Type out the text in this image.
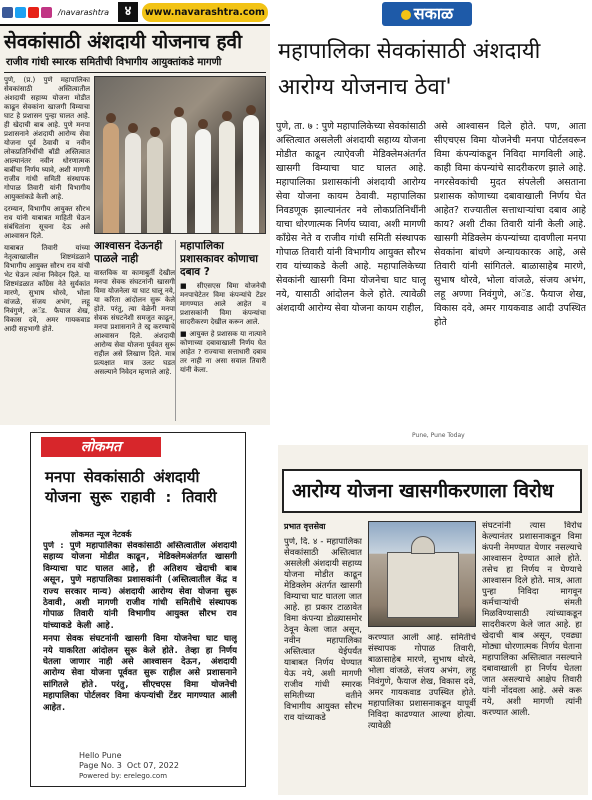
/navarashtra	४	www.navarashtra.com
सेवकांसाठी अंशदायी योजनाच हवी
राजीव गांधी स्मारक समितीची विभागीय आयुक्तांकडे मागणी

पुणे, (प्र.) पुणे महापालिका सेवकांसाठी अस्तित्वातील अंशदायी सहाय्य योजना मोडीत काढून सेवकांना खाजगी विम्याचा घाट हे प्रशासन पुन्हा घालत आहे. ही खेदाची बाब आहे. पुणे मनपा प्रशासनाने अंशदायी आरोग्य सेवा योजना पूर्व ठेवावी व नवीन लोकप्रतिनिधींची बॉडी अस्तित्वात आल्यानंतर नवीन धोरणात्मक बाबींचा निर्णय घ्यावे, अशी मागणी राजीव गांधी समिती संस्थापक गोपाळ तिवारी यांनी विभागीय आयुक्तांकडे केली आहे.

दरम्यान, विभागीय आयुक्त सौरभ राव यांनी याबाबत माहिती घेऊन संबंधितांना सूचना देऊ असे आश्वासन दिले.

याबाबत तिवारी यांच्या नेतृत्वाखालील शिष्टमंडळाने विभागीय आयुक्त सौरभ राव यांची भेट घेऊन त्यांना निवेदन दिले. या शिष्टमंडळात काँग्रेस नेते सुर्यकांत मारणे, सुभाष थोरवे, भोला वांजळे, संजय अभंग, लहू निवंगुणे, अॅड. फैयाज शेख, विकास दवे, अमर गायकवाड आदी सहभागी होते.

आश्वासन देऊनही पाळले नाही
वास्तविक या कामाबुर्ती देखील मनपा सेवक संघटनांनी खासगी विमा योजनेला या घाट घालू नये, या करिता आंदोलन सुरू केले होते. परंतु, त्या वेळेनी मनपा सेवक संघटनेशी समजुत काढून, मनपा प्रशासनाने ते रद्द करण्याचे आश्वासन दिले. अंशदायी आरोग्य सेवा योजना पूर्ववत सुरू राहील असे लिखाण दिले. मात्र प्रत्यक्षात मात्र उलट घडत असल्याने निवेदन म्हणाले आहे.
महापालिका प्रशासकावर कोणाचा दबाव ?
■ सीएसएस विमा योजनेची मनपाचेटेतर विमा कंपन्यांचे टेंडर मागण्यात आले आहेत व प्रशासकांनी विमा कंपन्यांचा सादरीकरण देखील करून आले.
■ आयुक्त हे प्रशासक या नात्याने कोणाच्या दबावाखाली निर्णय घेत आहेत ? राज्याचा सत्ताधारी दबाव तर नाही ना असा सवाल तिवारी यांनी केला.
सकाळ
महापालिका सेवकांसाठी अंशदायी आरोग्य योजनाच ठेवा'
पुणे, ता. ७ : पुणे महापालिकेच्या सेवकांसाठी अस्तित्वात असलेली अंशदायी सहाय्य योजना मोडीत काढून त्याऐवजी मेडिक्लेमअंतर्गत खासगी विम्याचा घाट घालत आहे. महापालिका प्रशासकांनी अंशदायी आरोग्य सेवा योजना कायम ठेवावी. महापालिका निवडणूक झाल्यानंतर नवे लोकप्रतिनिधींनी याचा धोरणात्मक निर्णय घ्यावा, अशी मागणी काँग्रेस नेते व राजीव गांधी समिती संस्थापक गोपाळ तिवारी यांनी विभागीय आयुक्त सौरभ राव यांच्याकडे केली आहे. महापालिकेच्या सेवकांनी खासगी विमा योजनेचा घाट घालू नये, यासाठी आंदोलन केले होते. त्यावेळी अंशदायी आरोग्य सेवा योजना कायम राहील,
असे आश्वासन दिले होते. पण, आता सीएचएस विमा योजनेची मनपा पोर्टलवरून विमा कंपन्यांकडून निविदा मागविली आहे. काही विमा कंपन्यांचे सादरीकरण झाले आहे. नगरसेवकांची मुदत संपलेली असताना प्रशासक कोणाच्या दबावाखाली निर्णय घेत आहेत? राज्यातील सत्ताधाऱ्यांचा दबाव आहे काय? अशी टीका तिवारी यांनी केली आहे. खासगी मेडिक्लेम कंपन्यांच्या दावणीला मनपा सेवकांना बांधणे अन्यायकारक आहे, असे तिवारी यांनी सांगितले. बाळासाहेब मारणे, सुभाष थोरवे, भोला वांजळे, संजय अभंग, लहू अण्णा निवंगुणे, अॅड. फैयाज शेख, विकास दवे, अमर गायकवाड आदी उपस्थित होते
Pune, Pune Today
लोकमत
मनपा सेवकांसाठी अंशदायी योजना सुरू राहावी : तिवारी
लोकमत न्यूज नेटवर्क

पुणे : पुणे महापालिका सेवकांसाठी अस्तित्वातील अंशदायी सहाय्य योजना मोडीत काढून, मेडिक्लेमअंतर्गत खासगी विम्याचा घाट घालत आहे, ही अतिशय खेदाची बाब असून, पुणे महापालिका प्रशासकांनी (अस्तित्वातील केंद्र व राज्य सरकार मान्य) अंशदायी आरोग्य सेवा योजना सुरू ठेवावी, अशी मागणी राजीव गांधी समितीचे संस्थापक गोपाळ तिवारी यांनी विभागीय आयुक्त सौरभ राव यांच्याकडे केली आहे.

मनपा सेवक संघटनांनी खासगी विमा योजनेचा घाट घालू नये याकरिता आंदोलन सुरू केले होते. तेव्हा हा निर्णय घेतला जाणार नाही असे आश्वासन देऊन, अंशदायी आरोग्य सेवा योजना पूर्ववत सुरू राहील असे प्रशासनाने सांगितले होते. परंतु, सीएचएस विमा योजनेची महापालिका पोर्टलवर विमा कंपन्यांची टेंडर मागण्यात आली आहेत.

Hello Pune
Page No. 3 Oct 07, 2022
Powered by: erelego.com
आरोग्य योजना खासगीकरणाला विरोध
प्रभात वृत्तसेवा
पुणे, दि. ४ - महापालिका सेवकांसाठी अस्तित्वात असलेली अंशदायी सहाय्य योजना मोडीत काढून मेडिक्लेम अंतर्गत खासगी विम्याचा घाट घातला जात आहे. हा प्रकार टाळावेत विमा कंपन्या डोळ्यासमोर ठेवून केला जात असून, नवीन महापालिका अस्तित्वात येईपर्यंत याबाबत निर्णय घेण्यात येऊ नये, अशी मागणी राजीव गांधी स्मारक समितीच्या वतीने विभागीय आयुक्त सौरभ राव यांच्याकडे
करण्यात आली आहे. समितीचे संस्थापक गोपाळ तिवारी, बाळासाहेब मारणे, सुभाष थोरवे, भोला वांजळे, संजय अभंग, लहू निवंगुणे, फैयाज शेख, विकास दवे, अमर गायकवाड उपस्थित होते. महापालिका प्रशासनाकडून यापूर्वी निविदा काढण्यात आल्या होत्या. त्यावेळी
संघटनांनी त्यास विरोध केल्यानंतर प्रशासनाकडून विमा कंपनी नेमण्यात येणार नसल्याचे आश्वासन देण्यात आले होते. तसेच हा निर्णय न घेण्याचे आश्वासन दिले होते. मात्र, आता पुन्हा निविदा मागवून कर्मचाऱ्यांची संमती मिळविण्यासाठी त्यांच्याकडून सादरीकरण केले जात आहे. हा खेदाची बाब असून, एवढ्या मोठ्या धोरणात्मक निर्णय घेताना महापालिका अस्तित्वात नसल्याने दबावाखाली हा निर्णय घेतला जात असल्याचे आक्षेप तिवारी यांनी नोंदवला आहे. असे करू नये, अशी मागणी त्यांनी करण्यात आली.
